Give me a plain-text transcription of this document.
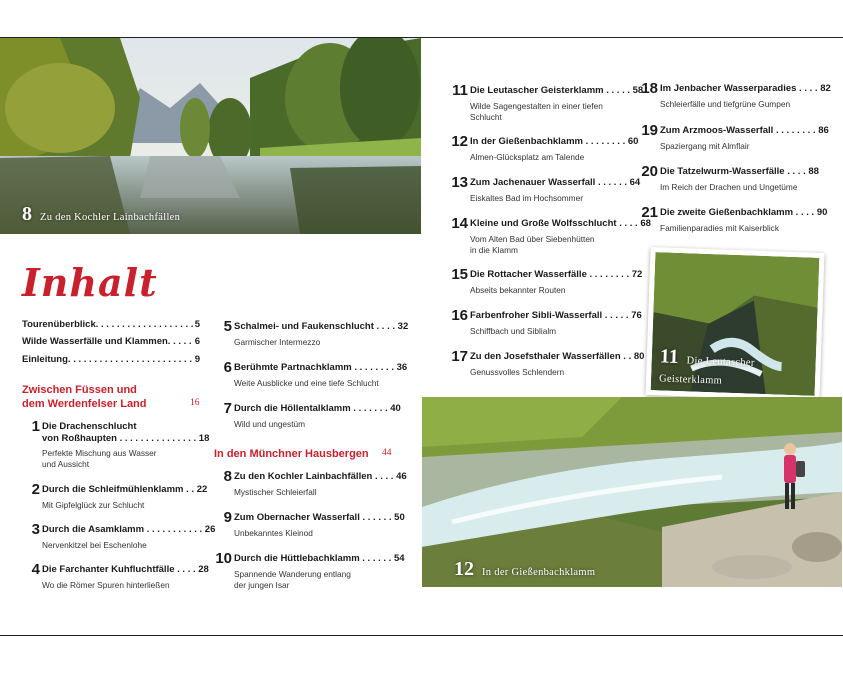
8 Zu den Kochler Lainbachfällen
11 Die Leutascher Geisterklamm
12 In der Gießenbachklamm
Inhalt
Tourenüberblick . . .	5
Wilde Wasserfälle und Klammen . . .	6
Einleitung . . .	9
Zwischen Füssen und
dem Werdenfelser Land	16
1 Die Drachenschlucht
von Roßhaupten . . . . . . . . . . . . . . . 18
Perfekte Mischung aus Wasser
und Aussicht
2 Durch die Schleifmühlenklamm . . 22
Mit Gipfelglück zur Schlucht
3 Durch die Asamklamm . . . . . . . . . . . 26
Nervenkitzel bei Eschenlohe
4 Die Farchanter Kuhfluchtfälle . . . . 28
Wo die Römer Spuren hinterließen
5 Schalmei- und Faukenschlucht . . . . 32
Garmischer Intermezzo
6 Berühmte Partnachklamm . . . . . . . . 36
Weite Ausblicke und eine tiefe Schlucht
7 Durch die Höllentalklamm . . . . . . . 40
Wild und ungestüm
In den Münchner Hausbergen 44
8 Zu den Kochler Lainbachfällen . . . . 46
Mystischer Schleierfall
9 Zum Obernacher Wasserfall . . . . . . 50
Unbekanntes Kleinod
10 Durch die Hüttlebachklamm . . . . . . 54
Spannende Wanderung entlang
der jungen Isar
11 Die Leutascher Geisterklamm . . . . . 58
Wilde Sagengestalten in einer tiefen
Schlucht
12 In der Gießenbachklamm . . . . . . . . 60
Almen-Glücksplatz am Talende
13 Zum Jachenauer Wasserfall . . . . . . 64
Eiskaltes Bad im Hochsommer
14 Kleine und Große Wolfsschlucht . . . . 68
Vom Alten Bad über Siebenhütten
in die Klamm
15 Die Rottacher Wasserfälle . . . . . . . . 72
Abseits bekannter Routen
16 Farbenfroher Sibli-Wasserfall . . . . . 76
Schiffbach und Siblialm
17 Zu den Josefsthaler Wasserfällen . . 80
Genussvolles Schlendern
18 Im Jenbacher Wasserparadies . . . . 82
Schleierfälle und tiefgrüne Gumpen
19 Zum Arzmoos-Wasserfall . . . . . . . . 86
Spaziergang mit Almflair
20 Die Tatzelwurm-Wasserfälle . . . . 88
Im Reich der Drachen und Ungetüme
21 Die zweite Gießenbachklamm . . . . 90
Familienparadies mit Kaiserblick
